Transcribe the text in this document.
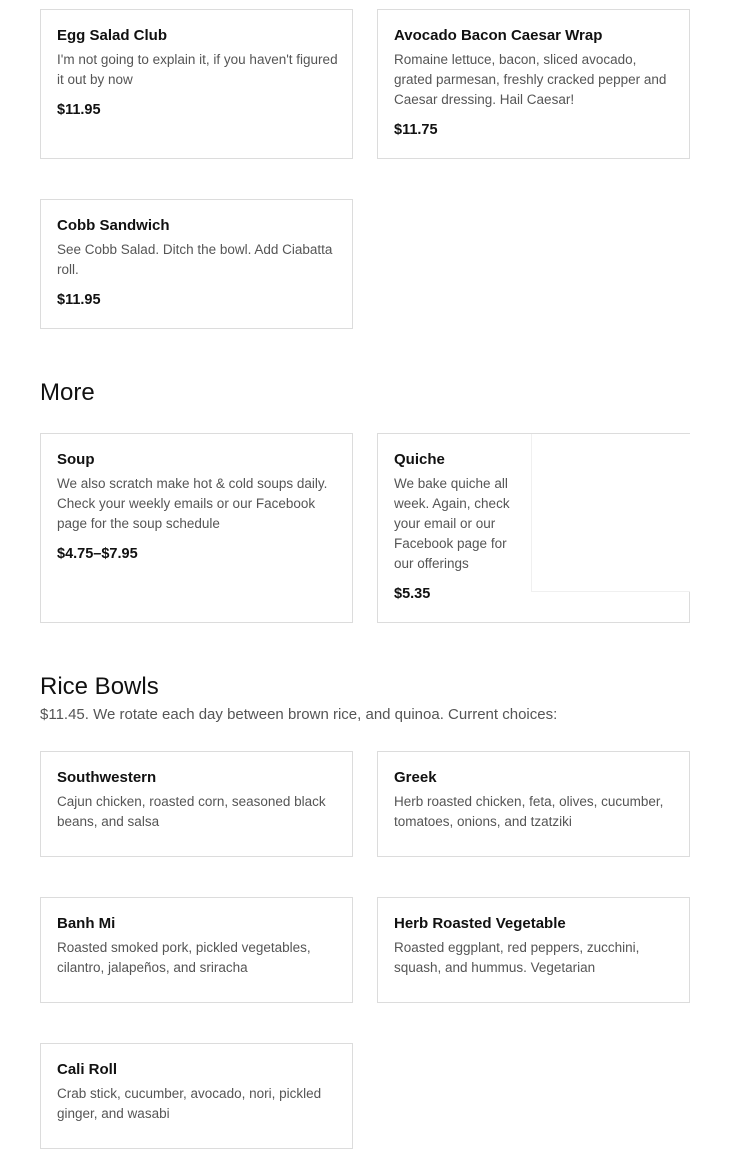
Egg Salad Club
I'm not going to explain it, if you haven't figured it out by now
$11.95
Avocado Bacon Caesar Wrap
Romaine lettuce, bacon, sliced avocado, grated parmesan, freshly cracked pepper and Caesar dressing. Hail Caesar!
$11.75
Cobb Sandwich
See Cobb Salad. Ditch the bowl. Add Ciabatta roll.
$11.95
More
Soup
We also scratch make hot & cold soups daily. Check your weekly emails or our Facebook page for the soup schedule
$4.75–$7.95
Quiche
We bake quiche all week. Again, check your email or our Facebook page for our offerings
$5.35
Rice Bowls
$11.45. We rotate each day between brown rice, and quinoa. Current choices:
Southwestern
Cajun chicken, roasted corn, seasoned black beans, and salsa
Greek
Herb roasted chicken, feta, olives, cucumber, tomatoes, onions, and tzatziki
Banh Mi
Roasted smoked pork, pickled vegetables, cilantro, jalapeños, and sriracha
Herb Roasted Vegetable
Roasted eggplant, red peppers, zucchini, squash, and hummus. Vegetarian
Cali Roll
Crab stick, cucumber, avocado, nori, pickled ginger, and wasabi
